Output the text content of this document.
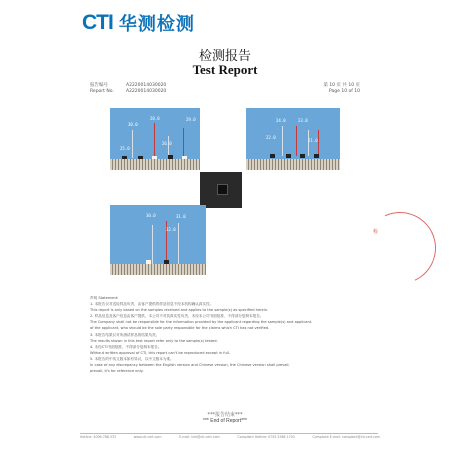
CTI 华测检测
检测报告
Test Report
报告编号	A2220014030020
Report No.	A2220014030020
第 10 页 共 10 页
Page 10 of 10
30.0
28.0	29.0
25.0
26.0
24.0	23.0
22.0
21.0
30.0
32.0
31.0
检
声明 Statement:
1. 本报告仅对送检样品负责，由客户提供的样品信息不经本机构确认真实性。
This report is only based on the samples received and applies to the sample(s) as specified herein.
2. 样品信息及客户信息由客户提供，本公司不对其真实性负责，未经本公司书面批准，不得部分复制本报告。
The Company shall not be responsible for the information provided by the applicant regarding the sample(s) and applicant.
of the applicant, who should be the sole party responsible for the claims which CTI has not verified.
3. 本报告结果仅对所测试样品的结果负责。
The results shown in this test report refer only to the sample(s) tested.
4. 未经CTI书面批准，不得部分复制本报告。
Without written approval of CTI, this report can't be reproduced except in full.
5. 本报告的中英文版本如有异议，以中文版本为准。
In case of any discrepancy between the English version and Chinese version, the Chinese version shall prevail.
prevail, it's for reference only.
***报告结束***
*** End of Report***
Hotline: 4006-788-333	www.cti-cert.com	E-mail: info@cti-cert.com	Complaint Hotline: 0755-3368 1700	Complaint E-mail: complaint@cti-cert.com
